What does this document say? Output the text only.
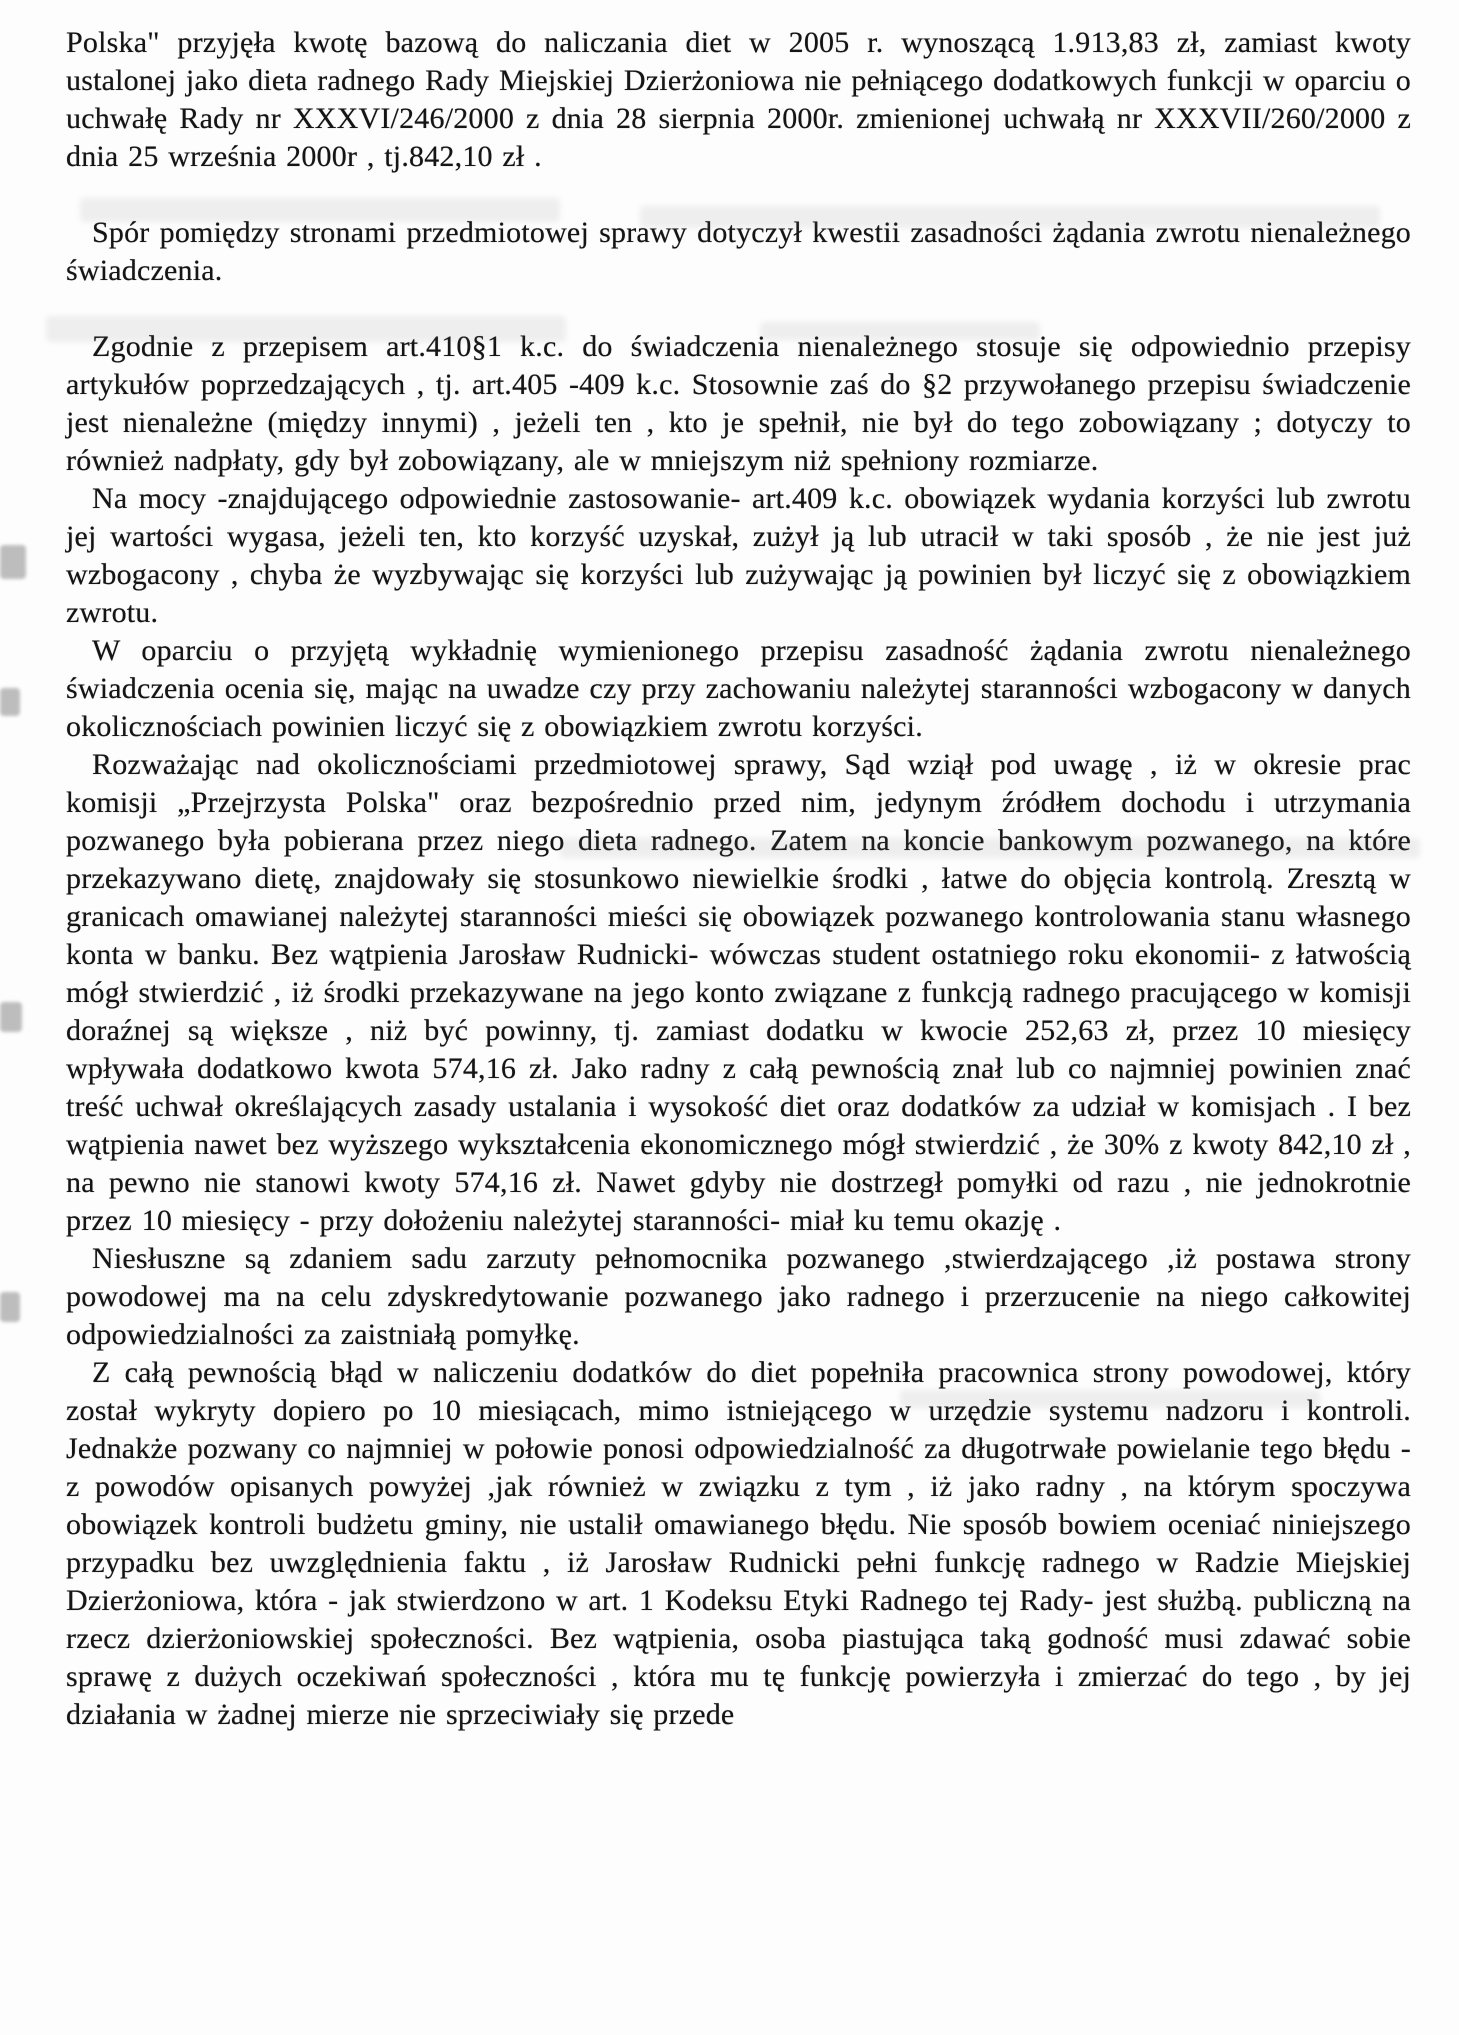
Polska" przyjęła kwotę bazową do naliczania diet w 2005 r. wynoszącą 1.913,83 zł, zamiast kwoty ustalonej jako dieta radnego Rady Miejskiej Dzierżoniowa nie pełniącego dodatkowych funkcji w oparciu o uchwałę Rady nr XXXVI/246/2000 z dnia 28 sierpnia 2000r. zmienionej uchwałą nr XXXVII/260/2000 z dnia 25 września 2000r , tj.842,10 zł .

Spór pomiędzy stronami przedmiotowej sprawy dotyczył kwestii zasadności żądania zwrotu nienależnego świadczenia.

Zgodnie z przepisem art.410§1 k.c. do świadczenia nienależnego stosuje się odpowiednio przepisy artykułów poprzedzających , tj. art.405 -409 k.c. Stosownie zaś do §2 przywołanego przepisu świadczenie jest nienależne (między innymi) , jeżeli ten , kto je spełnił, nie był do tego zobowiązany ; dotyczy to również nadpłaty, gdy był zobowiązany, ale w mniejszym niż spełniony rozmiarze.

Na mocy -znajdującego odpowiednie zastosowanie- art.409 k.c. obowiązek wydania korzyści lub zwrotu jej wartości wygasa, jeżeli ten, kto korzyść uzyskał, zużył ją lub utracił w taki sposób , że nie jest już wzbogacony , chyba że wyzbywając się korzyści lub zużywając ją powinien był liczyć się z obowiązkiem zwrotu.

W oparciu o przyjętą wykładnię wymienionego przepisu zasadność żądania zwrotu nienależnego świadczenia ocenia się, mając na uwadze czy przy zachowaniu należytej staranności wzbogacony w danych okolicznościach powinien liczyć się z obowiązkiem zwrotu korzyści.

Rozważając nad okolicznościami przedmiotowej sprawy, Sąd wziął pod uwagę , iż w okresie prac komisji „Przejrzysta Polska" oraz bezpośrednio przed nim, jedynym źródłem dochodu i utrzymania pozwanego była pobierana przez niego dieta radnego. Zatem na koncie bankowym pozwanego, na które przekazywano dietę, znajdowały się stosunkowo niewielkie środki , łatwe do objęcia kontrolą. Zresztą w granicach omawianej należytej staranności mieści się obowiązek pozwanego kontrolowania stanu własnego konta w banku. Bez wątpienia Jarosław Rudnicki- wówczas student ostatniego roku ekonomii- z łatwością mógł stwierdzić , iż środki przekazywane na jego konto związane z funkcją radnego pracującego w komisji doraźnej są większe , niż być powinny, tj. zamiast dodatku w kwocie 252,63 zł, przez 10 miesięcy wpływała dodatkowo kwota 574,16 zł. Jako radny z całą pewnością znał lub co najmniej powinien znać treść uchwał określających zasady ustalania i wysokość diet oraz dodatków za udział w komisjach . I bez wątpienia nawet bez wyższego wykształcenia ekonomicznego mógł stwierdzić , że 30% z kwoty 842,10 zł , na pewno nie stanowi kwoty 574,16 zł. Nawet gdyby nie dostrzegł pomyłki od razu , nie jednokrotnie przez 10 miesięcy - przy dołożeniu należytej staranności- miał ku temu okazję .

Niesłuszne są zdaniem sadu zarzuty pełnomocnika pozwanego ,stwierdzającego ,iż postawa strony powodowej ma na celu zdyskredytowanie pozwanego jako radnego i przerzucenie na niego całkowitej odpowiedzialności za zaistniałą pomyłkę.

Z całą pewnością błąd w naliczeniu dodatków do diet popełniła pracownica strony powodowej, który został wykryty dopiero po 10 miesiącach, mimo istniejącego w urzędzie systemu nadzoru i kontroli. Jednakże pozwany co najmniej w połowie ponosi odpowiedzialność za długotrwałe powielanie tego błędu - z powodów opisanych powyżej ,jak również w związku z tym , iż jako radny , na którym spoczywa obowiązek kontroli budżetu gminy, nie ustalił omawianego błędu. Nie sposób bowiem oceniać niniejszego przypadku bez uwzględnienia faktu , iż Jarosław Rudnicki pełni funkcję radnego w Radzie Miejskiej Dzierżoniowa, która - jak stwierdzono w art. 1 Kodeksu Etyki Radnego tej Rady- jest służbą. publiczną na rzecz dzierżoniowskiej społeczności. Bez wątpienia, osoba piastująca taką godność musi zdawać sobie sprawę z dużych oczekiwań społeczności , która mu tę funkcję powierzyła i zmierzać do tego , by jej działania w żadnej mierze nie sprzeciwiały się przede
